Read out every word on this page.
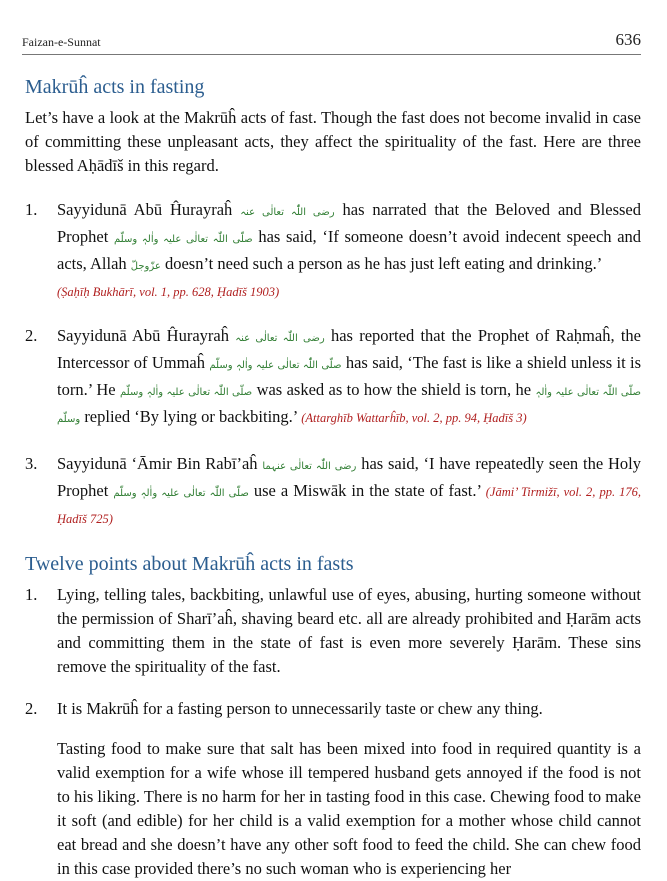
Faizan-e-Sunnat	636
Makrūĥ acts in fasting

Let’s have a look at the Makrūĥ acts of fast. Though the fast does not become invalid in case of committing these unpleasant acts, they affect the spirituality of the fast. Here are three blessed Aḥādīš in this regard.

1. Sayyidunā Abū Ĥurayraĥ رضی اللّٰہ تعالٰی عنہ has narrated that the Beloved and Blessed Prophet صلّی اللّٰہ تعالٰی علیہ واٰلہٖ وسلّم has said, ‘If someone doesn’t avoid indecent speech and acts, Allah عزّوجلّ doesn’t need such a person as he has just left eating and drinking.’
(Ṣaḥīḥ Bukhārī, vol. 1, pp. 628, Ḥadīš 1903)
2. Sayyidunā Abū Ĥurayraĥ رضی اللّٰہ تعالٰی عنہ has reported that the Prophet of Raḥmaĥ, the Intercessor of Ummaĥ صلّی اللّٰہ تعالٰی علیہ واٰلہٖ وسلّم has said, ‘The fast is like a shield unless it is torn.’ He صلّی اللّٰہ تعالٰی علیہ واٰلہٖ وسلّم was asked as to how the shield is torn, he صلّی اللّٰہ تعالٰی علیہ واٰلہٖ وسلّم replied ‘By lying or backbiting.’ (Attarghīb Wattarĥīb, vol. 2, pp. 94, Ḥadīš 3)
3. Sayyidunā ‘Āmir Bin Rabī’aĥ رضی اللّٰہ تعالٰی عنہما has said, ‘I have repeatedly seen the Holy Prophet صلّی اللّٰہ تعالٰی علیہ واٰلہٖ وسلّم use a Miswāk in the state of fast.’ (Jāmi’ Tirmižī, vol. 2, pp. 176, Ḥadīš 725)
Twelve points about Makrūĥ acts in fasts
1. Lying, telling tales, backbiting, unlawful use of eyes, abusing, hurting someone without the permission of Sharī’aĥ, shaving beard etc. all are already prohibited and Ḥarām acts and committing them in the state of fast is even more severely Ḥarām. These sins remove the spirituality of the fast.
2. It is Makrūĥ for a fasting person to unnecessarily taste or chew any thing.

Tasting food to make sure that salt has been mixed into food in required quantity is a valid exemption for a wife whose ill tempered husband gets annoyed if the food is not to his liking. There is no harm for her in tasting food in this case. Chewing food to make it soft (and edible) for her child is a valid exemption for a mother whose child cannot eat bread and she doesn’t have any other soft food to feed the child. She can chew food in this case provided there’s no such woman who is experiencing her
